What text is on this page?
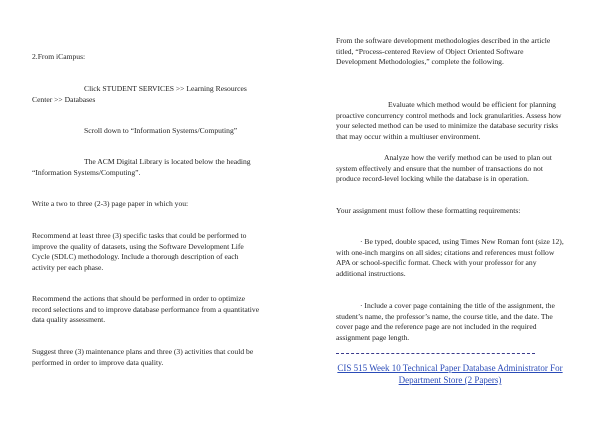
2.From iCampus:

Click STUDENT SERVICES >> Learning Resources Center >> Databases

Scroll down to “Information Systems/Computing”

The ACM Digital Library is located below the heading “Information Systems/Computing”.

Write a two to three (2-3) page paper in which you:

Recommend at least three (3) specific tasks that could be performed to improve the quality of datasets, using the Software Development Life Cycle (SDLC) methodology. Include a thorough description of each activity per each phase.

Recommend the actions that should be performed in order to optimize record selections and to improve database performance from a quantitative data quality assessment.

Suggest three (3) maintenance plans and three (3) activities that could be performed in order to improve data quality.

From the software development methodologies described in the article titled, “Process-centered Review of Object Oriented Software Development Methodologies,” complete the following.

Evaluate which method would be efficient for planning proactive concurrency control methods and lock granularities. Assess how your selected method can be used to minimize the database security risks that may occur within a multiuser environment.

Analyze how the verify method can be used to plan out system effectively and ensure that the number of transactions do not produce record-level locking while the database is in operation.

Your assignment must follow these formatting requirements:

· Be typed, double spaced, using Times New Roman font (size 12), with one-inch margins on all sides; citations and references must follow APA or school-specific format. Check with your professor for any additional instructions.

· Include a cover page containing the title of the assignment, the student’s name, the professor’s name, the course title, and the date. The cover page and the reference page are not included in the required assignment page length.

CIS 515 Week 10 Technical Paper Database Administrator For Department Store (2 Papers)
